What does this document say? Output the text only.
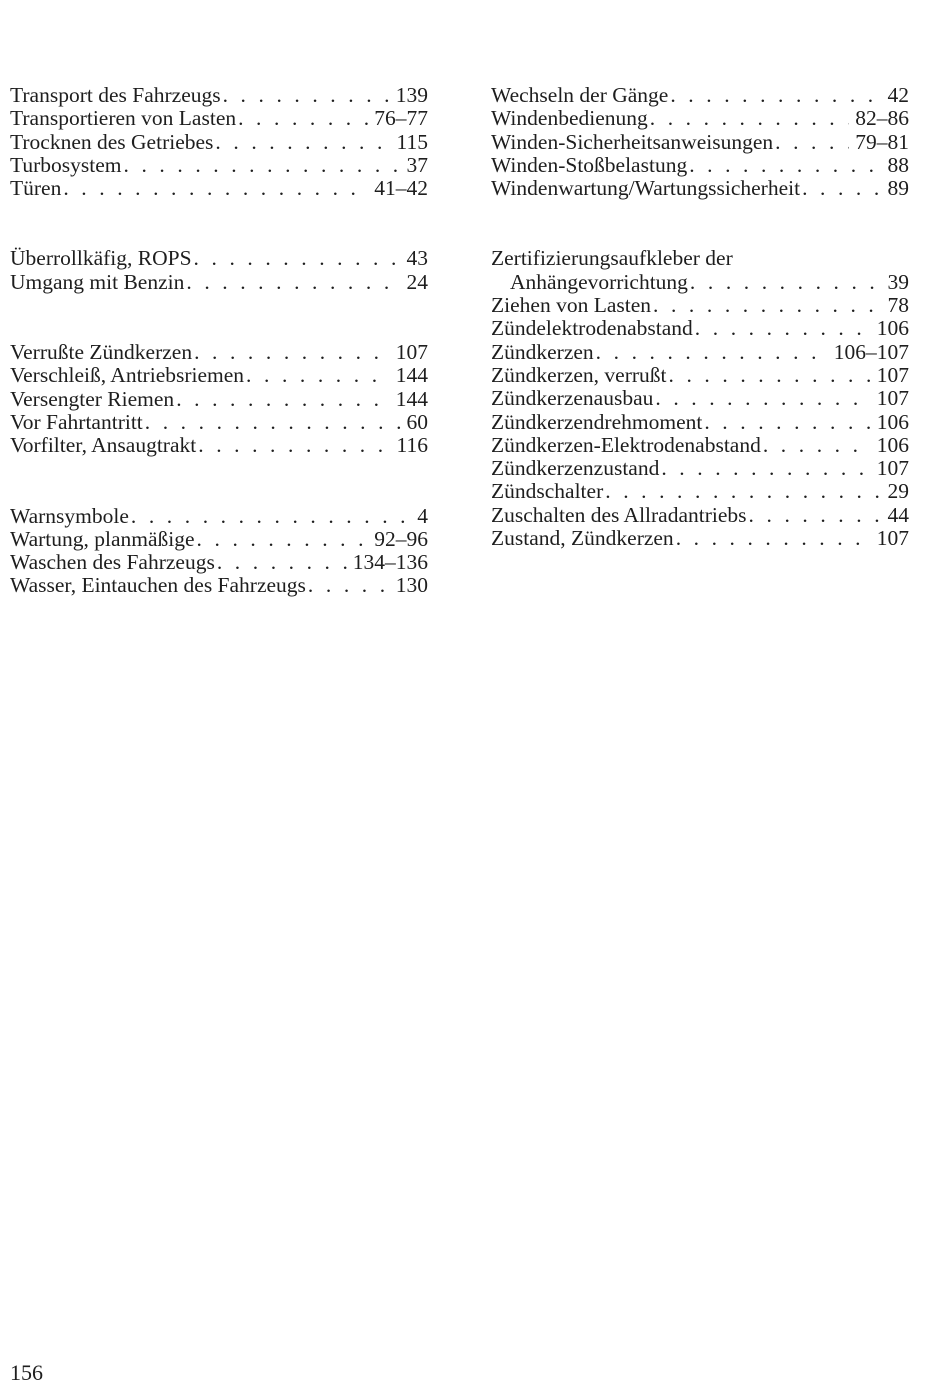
Transport des Fahrzeugs . . .	139
Transportieren von Lasten . . .	76–77
Trocknen des Getriebes . . .	115
Turbosystem . . .	37
Türen . . .	41–42
Überrollkäfig, ROPS . . .	43
Umgang mit Benzin . . .	24
Verrußte Zündkerzen . . .	107
Verschleiß, Antriebsriemen . . .	144
Versengter Riemen . . .	144
Vor Fahrtantritt . . .	60
Vorfilter, Ansaugtrakt . . .	116
Warnsymbole . . .	4
Wartung, planmäßige . . .	92–96
Waschen des Fahrzeugs . . .	134–136
Wasser, Eintauchen des Fahrzeugs . . .	130
Wechseln der Gänge . . .	42
Windenbedienung . . .	82–86
Winden-Sicherheitsanweisungen . . .	79–81
Winden-Stoßbelastung . . .	88
Windenwartung/Wartungssicherheit . . .	89
Zertifizierungsaufkleber der
Anhängevorrichtung . . .	39
Ziehen von Lasten . . .	78
Zündelektrodenabstand . . .	106
Zündkerzen . . .	106–107
Zündkerzen, verrußt . . .	107
Zündkerzenausbau . . .	107
Zündkerzendrehmoment . . .	106
Zündkerzen-Elektrodenabstand . . .	106
Zündkerzenzustand . . .	107
Zündschalter . . .	29
Zuschalten des Allradantriebs . . .	44
Zustand, Zündkerzen . . .	107
156
